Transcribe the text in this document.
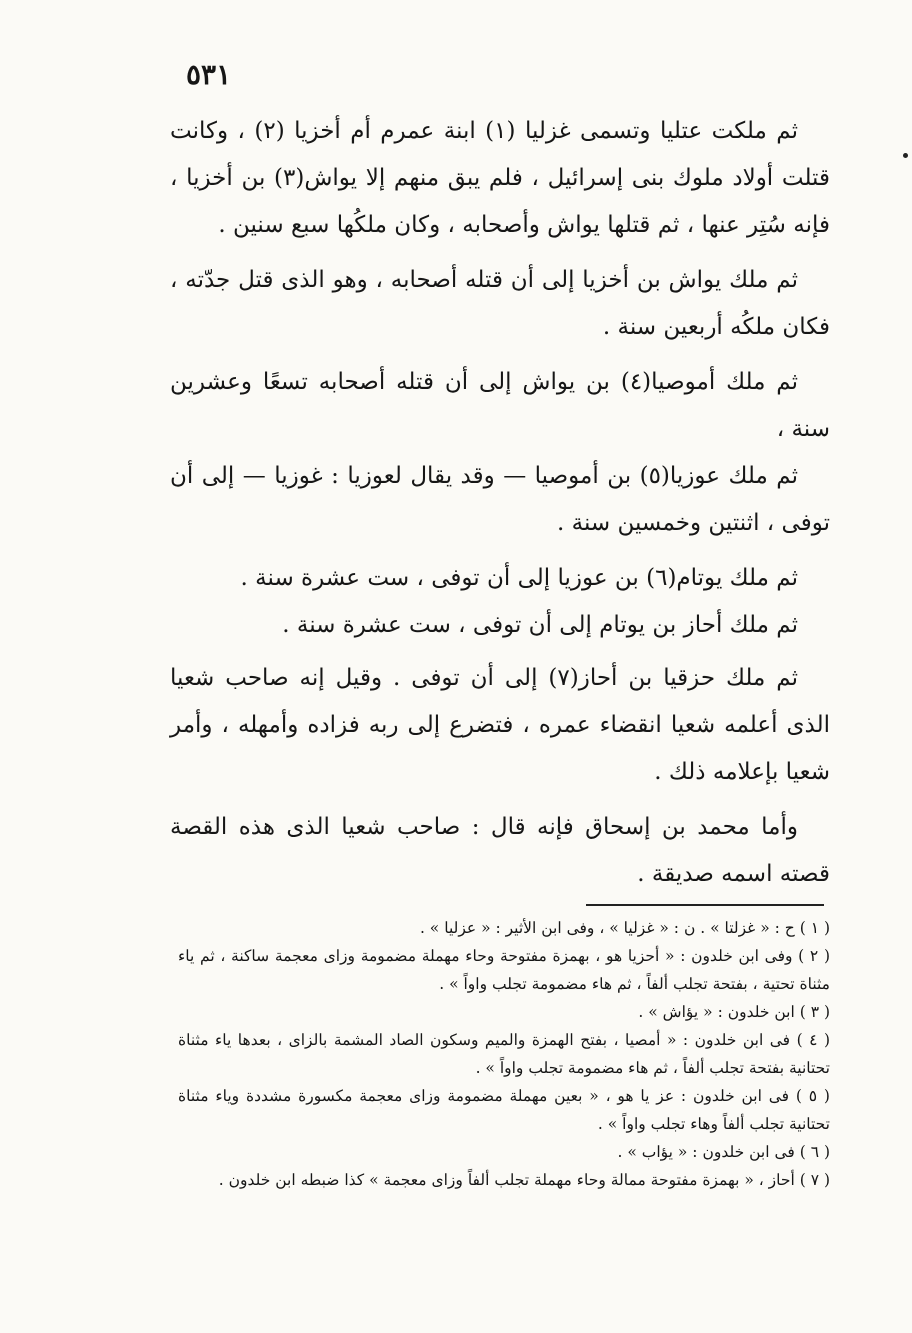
٥٣١

ثم ملكت عتليا وتسمى غزليا (١) ابنة عمرم أم أخزيا (٢) ، وكانت قتلت أولاد ملوك بنى إسرائيل ، فلم يبق منهم إلا يواش(٣) بن أخزيا ، فإنه سُتِر عنها ، ثم قتلها يواش وأصحابه ، وكان ملكُها سبع سنين .

ثم ملك يواش بن أخزيا إلى أن قتله أصحابه ، وهو الذى قتل جدّته ، فكان ملكُه أربعين سنة .

ثم ملك أموصيا(٤) بن يواش إلى أن قتله أصحابه تسعًا وعشرين سنة ،

ثم ملك عوزيا(٥) بن أموصيا — وقد يقال لعوزيا : غوزيا — إلى أن توفى ، اثنتين وخمسين سنة .

ثم ملك يوتام(٦) بن عوزيا إلى أن توفى ، ست عشرة سنة .

ثم ملك أحاز بن يوتام إلى أن توفى ، ست عشرة سنة .

ثم ملك حزقيا بن أحاز(٧) إلى أن توفى . وقيل إنه صاحب شعيا الذى أعلمه شعيا انقضاء عمره ، فتضرع إلى ربه فزاده وأمهله ، وأمر شعيا بإعلامه ذلك .

وأما محمد بن إسحاق فإنه قال : صاحب شعيا الذى هذه القصة قصته اسمه صديقة .

( ١ ) ح : « غزلتا » . ن : « غزليا » ، وفى ابن الأثير : « عزليا » .

( ٢ ) وفى ابن خلدون : « أحزيا هو ، بهمزة مفتوحة وحاء مهملة مضمومة وزاى معجمة ساكنة ، ثم ياء مثناة تحتية ، بفتحة تجلب ألفاً ، ثم هاء مضمومة تجلب واواً » .

( ٣ ) ابن خلدون : « يؤاش » .

( ٤ ) فى ابن خلدون : « أمصيا ، بفتح الهمزة والميم وسكون الصاد المشمة بالزاى ، بعدها ياء مثناة تحتانية بفتحة تجلب ألفاً ، ثم هاء مضمومة تجلب واواً » .

( ٥ ) فى ابن خلدون : عز يا هو ، « بعين مهملة مضمومة وزاى معجمة مكسورة مشددة وياء مثناة تحتانية تجلب ألفاً وهاء تجلب واواً » .

( ٦ ) فى ابن خلدون : « يؤاب » .

( ٧ ) أحاز ، « بهمزة مفتوحة ممالة وحاء مهملة تجلب ألفاً وزاى معجمة » كذا ضبطه ابن خلدون .
